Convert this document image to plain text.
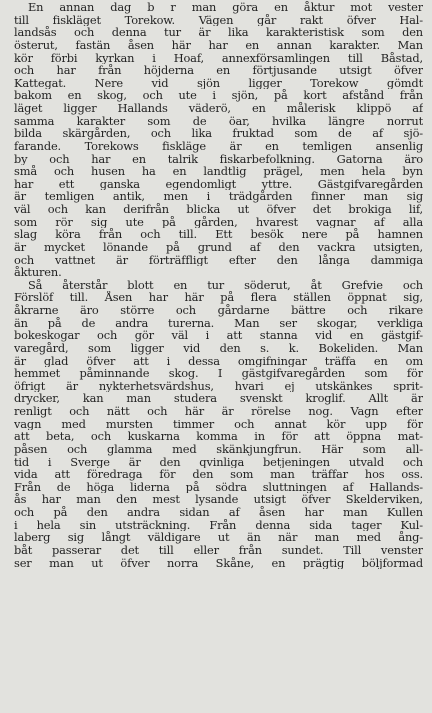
En annan dag b r man göra en åktur mot vester
till fiskläget Torekow. Vägen går rakt öfver Hal-
landsås och denna tur är lika karakteristisk som den
österut, fastän åsen här har en annan karakter. Man
kör förbi kyrkan i Hoaf, annexförsamlingen till Båstad,
och har från höjderna en förtjusande utsigt öfver
Kattegat. Nere vid sjön ligger Torekow gömdt
bakom en skog, och ute i sjön, på kort afstånd från
läget ligger Hallands väderö, en målerisk klippö af
samma karakter som de öar, hvilka längre norrut
bilda skärgården, och lika fruktad som de af sjö-
farande. Torekows fiskläge är en temligen ansenlig
by och har en talrik fiskarbefolkning. Gatorna äro
små och husen ha en landtlig prägel, men hela byn
har ett ganska egendomligt yttre. Gästgifvaregården
är temligen antik, men i trädgården finner man sig
väl och kan derifrån blicka ut öfver det brokiga lif,
som rör sig ute på gården, hvarest vagnar af alla
slag köra från och till. Ett besök nere på hamnen
är mycket lönande på grund af den vackra utsigten,
och vattnet är förträffligt efter den långa dammiga
åkturen.
Så återstår blott en tur söderut, åt Grefvie och
Förslöf till. Åsen har här på flera ställen öppnat sig,
åkrarne äro större och gårdarne bättre och rikare
än på de andra turerna. Man ser skogar, verkliga
bokeskogar och gör väl i att stanna vid en gästgif-
varegård, som ligger vid den s. k. Bokeliden. Man
är glad öfver att i dessa omgifningar träffa en om
hemmet påminnande skog. I gästgifvaregården som för
öfrigt är nykterhetsvärdshus, hvari ej utskänkes sprit-
drycker, kan man studera svenskt kroglif. Allt är
renligt och nätt och här är rörelse nog. Vagn efter
vagn med mursten timmer och annat kör upp för
att beta, och kuskarna komma in för att öppna mat-
påsen och glamma med skänkjungfrun. Här som all-
tid i Sverge är den qvinliga betjeningen utvald och
vida att föredraga för den som man träffar hos oss.
Från de höga liderna på södra sluttningen af Hallands-
ås har man den mest lysande utsigt öfver Skelderviken,
och på den andra sidan af åsen har man Kullen
i hela sin utsträckning. Från denna sida tager Kul-
laberg sig långt väldigare ut än när man med ång-
båt passerar det till eller från sundet. Till venster
ser man ut öfver norra Skåne, en prägtig böljformad
